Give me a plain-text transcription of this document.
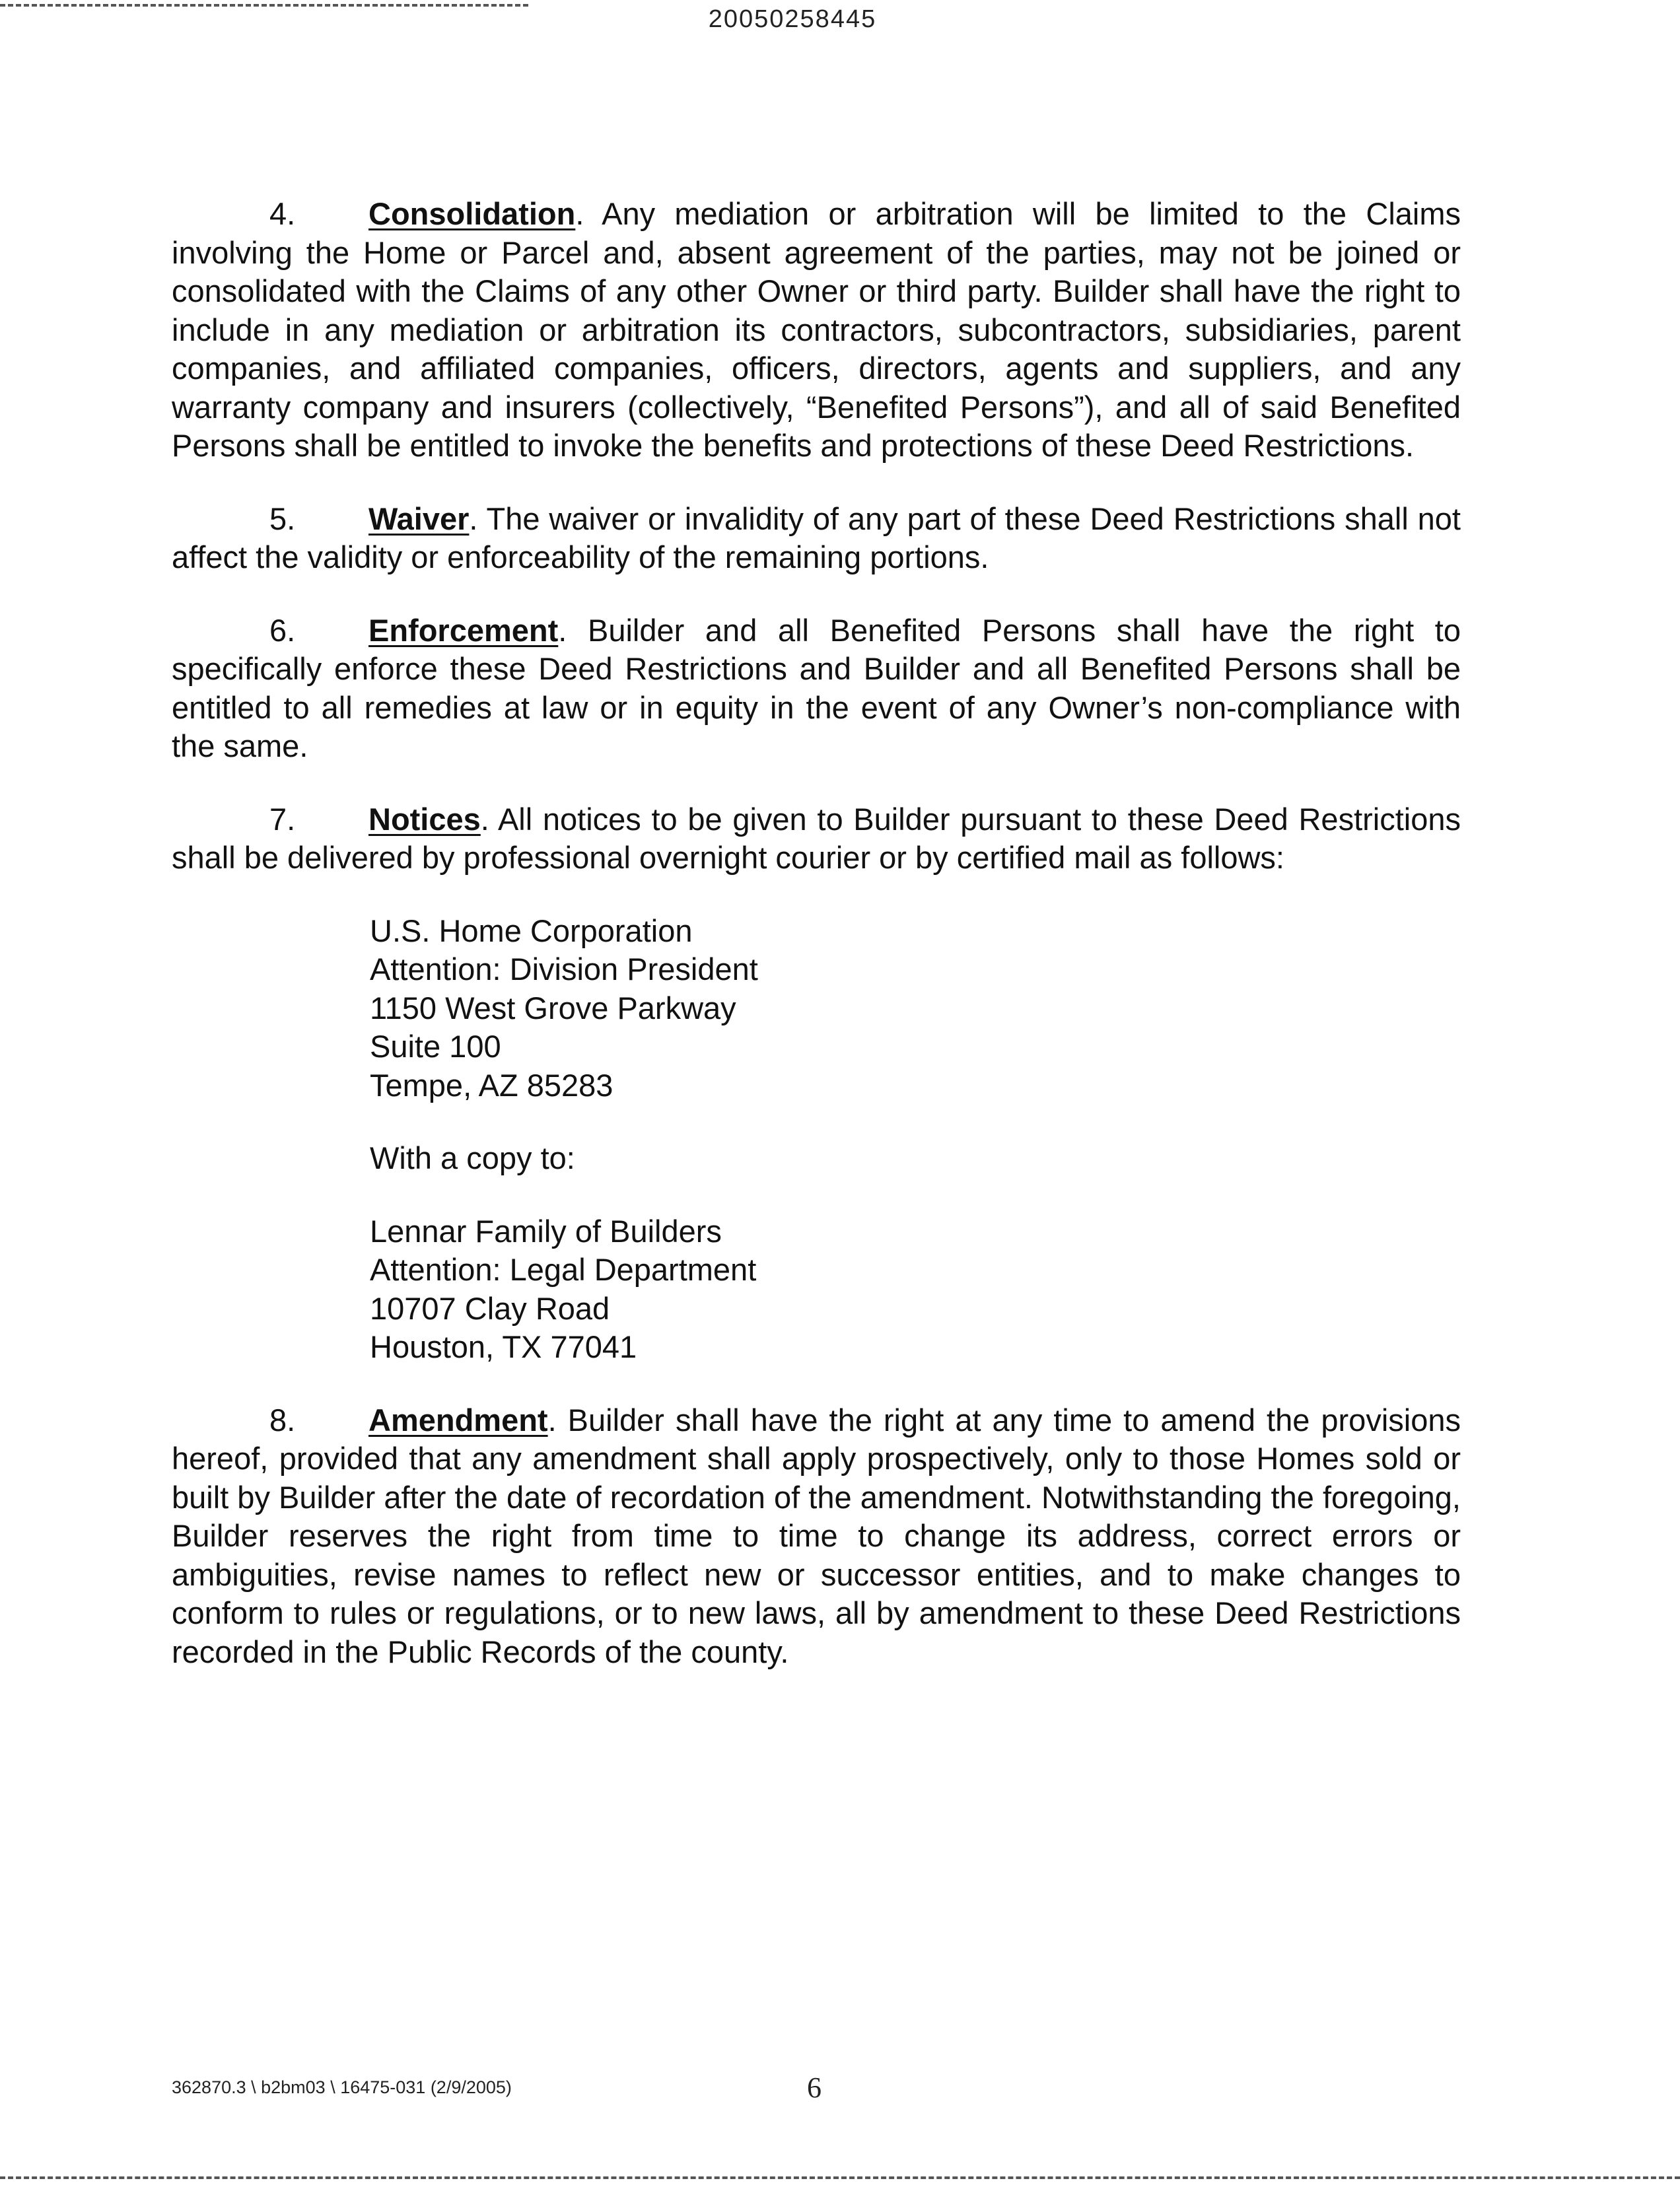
20050258445

4. Consolidation. Any mediation or arbitration will be limited to the Claims involving the Home or Parcel and, absent agreement of the parties, may not be joined or consolidated with the Claims of any other Owner or third party. Builder shall have the right to include in any mediation or arbitration its contractors, subcontractors, subsidiaries, parent companies, and affiliated companies, officers, directors, agents and suppliers, and any warranty company and insurers (collectively, “Benefited Persons”), and all of said Benefited Persons shall be entitled to invoke the benefits and protections of these Deed Restrictions.

5. Waiver. The waiver or invalidity of any part of these Deed Restrictions shall not affect the validity or enforceability of the remaining portions.

6. Enforcement. Builder and all Benefited Persons shall have the right to specifically enforce these Deed Restrictions and Builder and all Benefited Persons shall be entitled to all remedies at law or in equity in the event of any Owner’s non-compliance with the same.

7. Notices. All notices to be given to Builder pursuant to these Deed Restrictions shall be delivered by professional overnight courier or by certified mail as follows:

U.S. Home Corporation
Attention: Division President
1150 West Grove Parkway
Suite 100
Tempe, AZ 85283
With a copy to:
Lennar Family of Builders
Attention: Legal Department
10707 Clay Road
Houston, TX 77041

8. Amendment. Builder shall have the right at any time to amend the provisions hereof, provided that any amendment shall apply prospectively, only to those Homes sold or built by Builder after the date of recordation of the amendment. Notwithstanding the foregoing, Builder reserves the right from time to time to change its address, correct errors or ambiguities, revise names to reflect new or successor entities, and to make changes to conform to rules or regulations, or to new laws, all by amendment to these Deed Restrictions recorded in the Public Records of the county.

362870.3 \ b2bm03 \ 16475-031 (2/9/2005)	6
